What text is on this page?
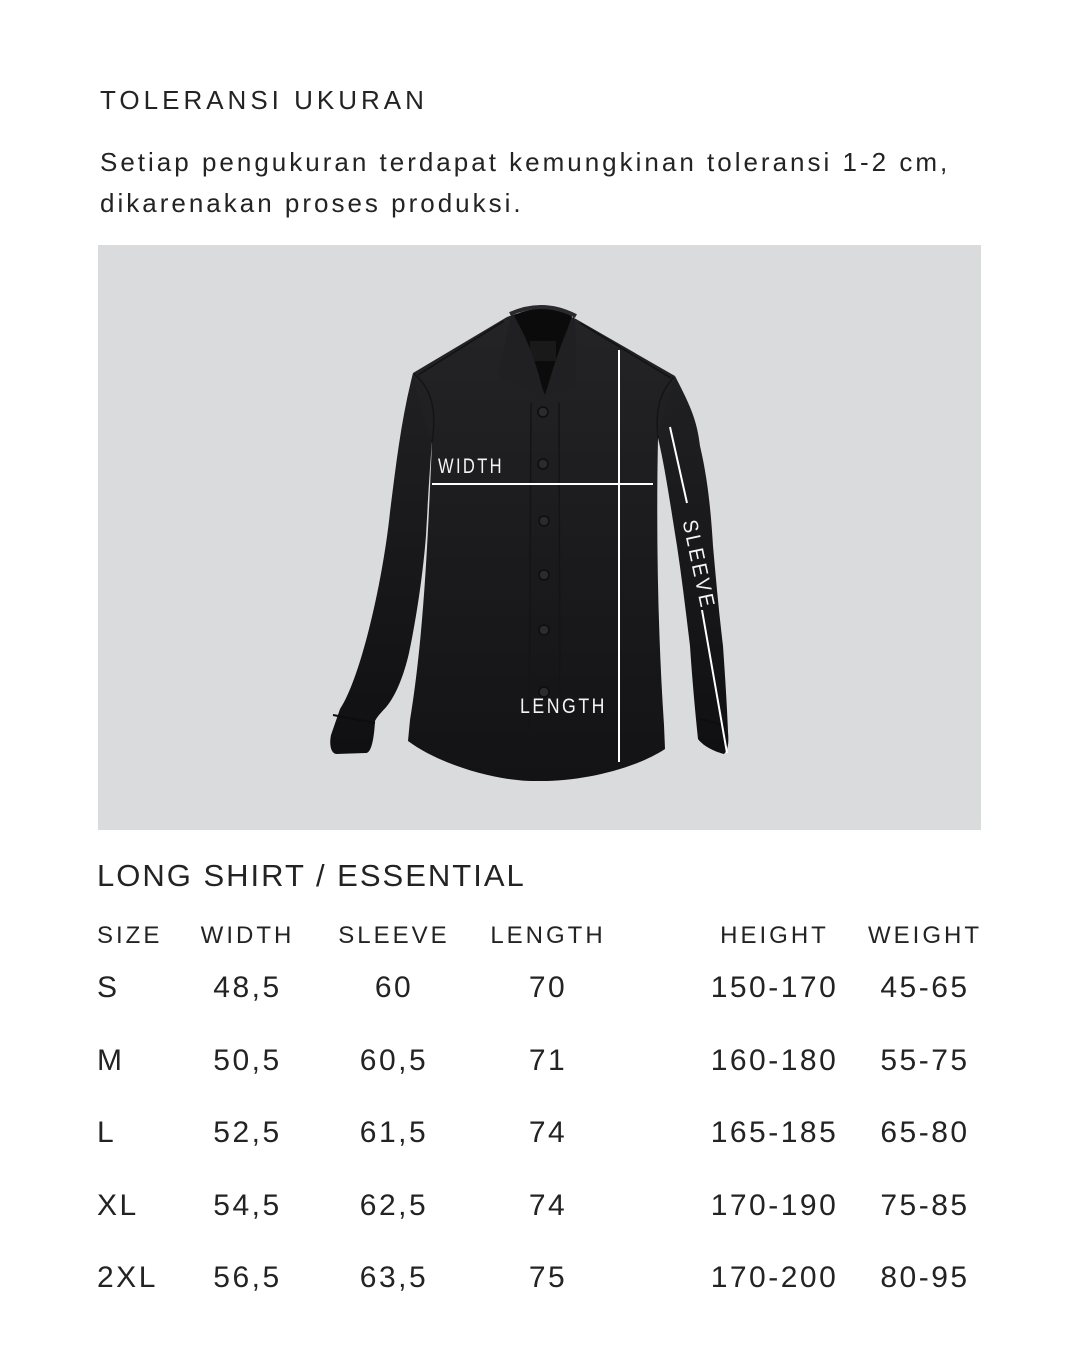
TOLERANSI UKURAN

Setiap pengukuran terdapat kemungkinan toleransi 1-2 cm,
dikarenakan proses produksi.

WIDTH
LENGTH
SLEEVE
LONG SHIRT / ESSENTIAL
SIZE	WIDTH	SLEEVE	LENGTH	HEIGHT	WEIGHT
S	48,5	60	70	150-170	45-65
M	50,5	60,5	71	160-180	55-75
L	52,5	61,5	74	165-185	65-80
XL	54,5	62,5	74	170-190	75-85
2XL	56,5	63,5	75	170-200	80-95
